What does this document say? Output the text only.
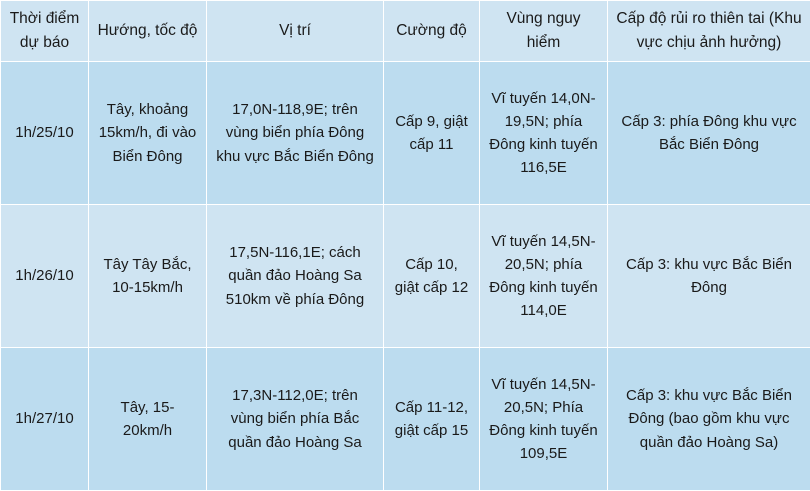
Thời điểm dự báo	Hướng, tốc độ	Vị trí	Cường độ	Vùng nguy hiểm	Cấp độ rủi ro thiên tai (Khu vực chịu ảnh hưởng)
1h/25/10	Tây, khoảng 15km/h, đi vào Biển Đông	17,0N-118,9E; trên vùng biển phía Đông khu vực Bắc Biển Đông	Cấp 9, giật cấp 11	Vĩ tuyến 14,0N-19,5N; phía Đông kinh tuyến 116,5E	Cấp 3: phía Đông khu vực Bắc Biển Đông
1h/26/10	Tây Tây Bắc, 10-15km/h	17,5N-116,1E; cách quần đảo Hoàng Sa 510km về phía Đông	Cấp 10, giật cấp 12	Vĩ tuyến 14,5N-20,5N; phía Đông kinh tuyến 114,0E	Cấp 3: khu vực Bắc Biển Đông
1h/27/10	Tây, 15-20km/h	17,3N-112,0E; trên vùng biển phía Bắc quần đảo Hoàng Sa	Cấp 11-12, giật cấp 15	Vĩ tuyến 14,5N-20,5N; Phía Đông kinh tuyến 109,5E	Cấp 3: khu vực Bắc Biển Đông (bao gồm khu vực quần đảo Hoàng Sa)
